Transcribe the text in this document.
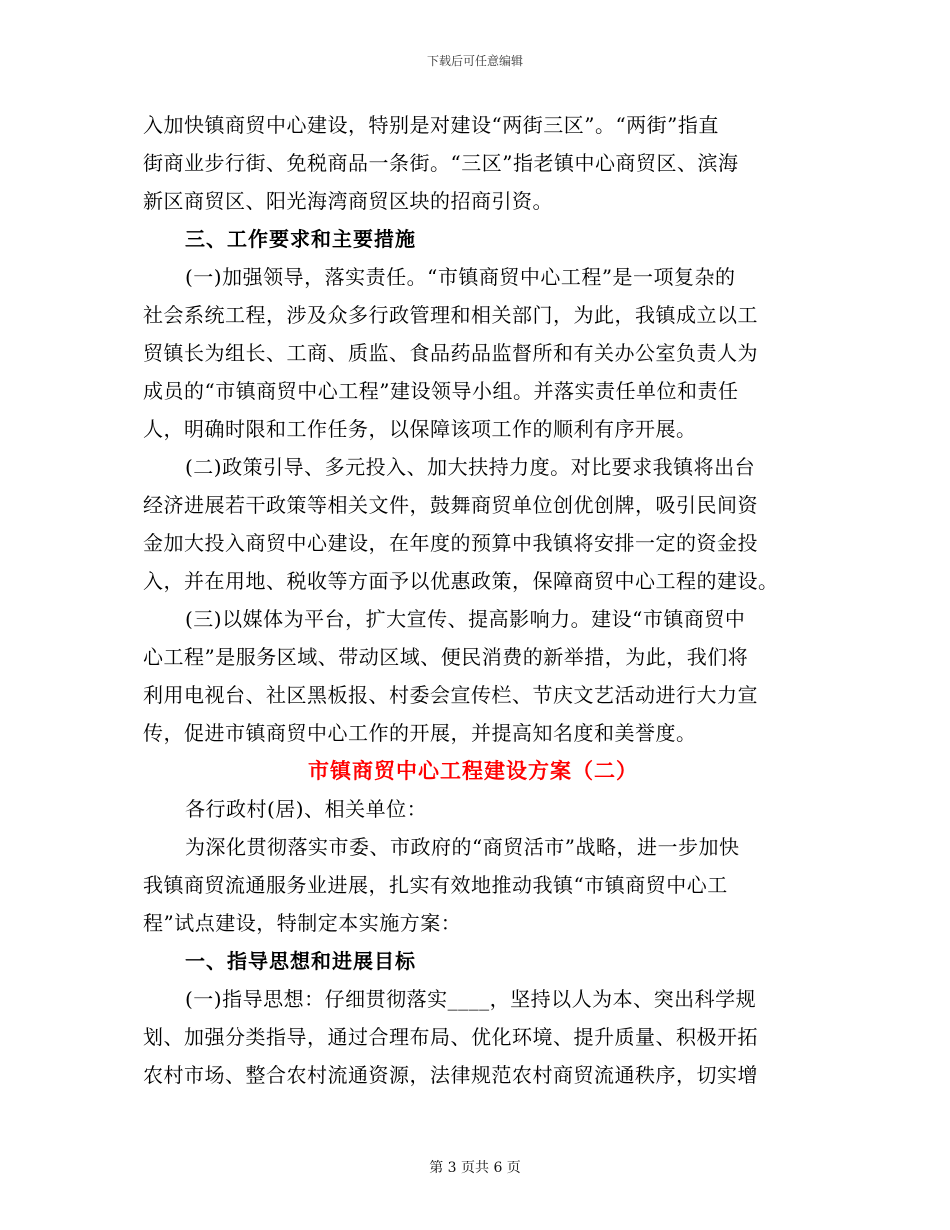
下载后可任意编辑
入加快镇商贸中心建设，特别是对建设“两街三区”。“两街”指直
街商业步行街、免税商品一条街。“三区”指老镇中心商贸区、滨海
新区商贸区、阳光海湾商贸区块的招商引资。
三、工作要求和主要措施
(一)加强领导，落实责任。“市镇商贸中心工程”是一项复杂的
社会系统工程，涉及众多行政管理和相关部门，为此，我镇成立以工
贸镇长为组长、工商、质监、食品药品监督所和有关办公室负责人为
成员的“市镇商贸中心工程”建设领导小组。并落实责任单位和责任
人，明确时限和工作任务，以保障该项工作的顺利有序开展。
(二)政策引导、多元投入、加大扶持力度。对比要求我镇将出台
经济进展若干政策等相关文件，鼓舞商贸单位创优创牌，吸引民间资
金加大投入商贸中心建设，在年度的预算中我镇将安排一定的资金投
入，并在用地、税收等方面予以优惠政策，保障商贸中心工程的建设。
(三)以媒体为平台，扩大宣传、提高影响力。建设“市镇商贸中
心工程”是服务区域、带动区域、便民消费的新举措，为此，我们将
利用电视台、社区黑板报、村委会宣传栏、节庆文艺活动进行大力宣
传，促进市镇商贸中心工作的开展，并提高知名度和美誉度。
市镇商贸中心工程建设方案（二）
各行政村(居)、相关单位：
为深化贯彻落实市委、市政府的“商贸活市”战略，进一步加快
我镇商贸流通服务业进展，扎实有效地推动我镇“市镇商贸中心工
程”试点建设，特制定本实施方案：
一、指导思想和进展目标
(一)指导思想：仔细贯彻落实____，坚持以人为本、突出科学规
划、加强分类指导，通过合理布局、优化环境、提升质量、积极开拓
农村市场、整合农村流通资源，法律规范农村商贸流通秩序，切实增
第 3 页共 6 页
